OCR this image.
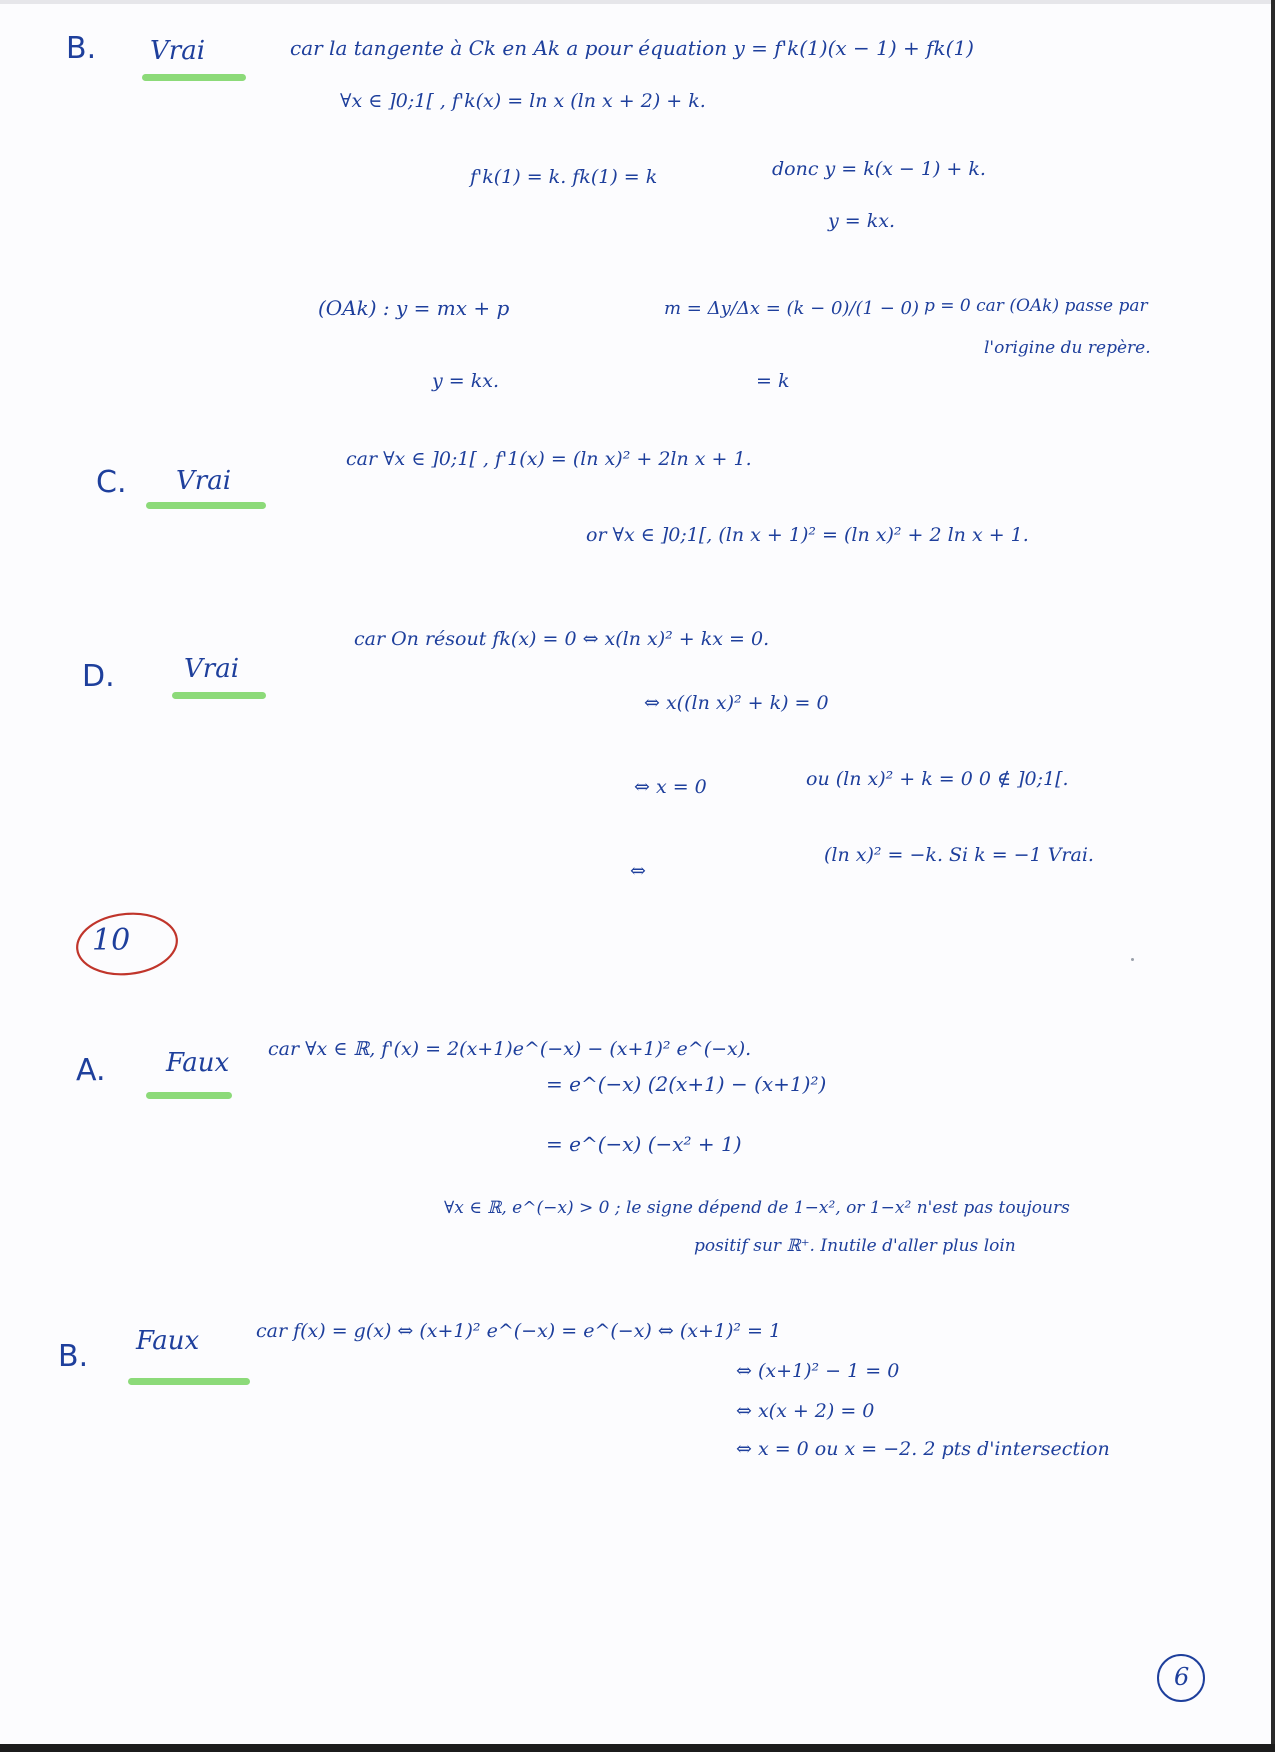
B. Vrai	car la tangente à Ck en Ak a pour équation y = f'k(1)(x − 1) + fk(1)
∀x ∈ ]0;1[ , f'k(x) = ln x (ln x + 2) + k.
f'k(1) = k. fk(1) = k	donc y = k(x − 1) + k.
y = kx.
(OAk) : y = mx + p	m = Δy/Δx = (k − 0)/(1 − 0) p = 0 car (OAk) passe par
y = kx.	= k
l'origine du repère.
C. Vrai
car ∀x ∈ ]0;1[ , f'1(x) = (ln x)² + 2ln x + 1.
or ∀x ∈ ]0;1[, (ln x + 1)² = (ln x)² + 2 ln x + 1.
D.	Vrai
car On résout fk(x) = 0 ⇔ x(ln x)² + kx = 0.
⇔ x((ln x)² + k) = 0
⇔ x = 0	ou (ln x)² + k = 0 0 ∉ ]0;1[.
⇔
(ln x)² = −k. Si k = −1 Vrai.
10
A. Faux car ∀x ∈ ℝ, f'(x) = 2(x+1)e^(−x) − (x+1)² e^(−x).
= e^(−x) (2(x+1) − (x+1)²)
= e^(−x) (−x² + 1)
∀x ∈ ℝ, e^(−x) > 0 ; le signe dépend de 1−x², or 1−x² n'est pas toujours
positif sur ℝ⁺. Inutile d'aller plus loin
B. Faux	car f(x) = g(x) ⇔ (x+1)² e^(−x) = e^(−x) ⇔ (x+1)² = 1
⇔ (x+1)² − 1 = 0
⇔ x(x + 2) = 0
⇔ x = 0 ou x = −2. 2 pts d'intersection
6
